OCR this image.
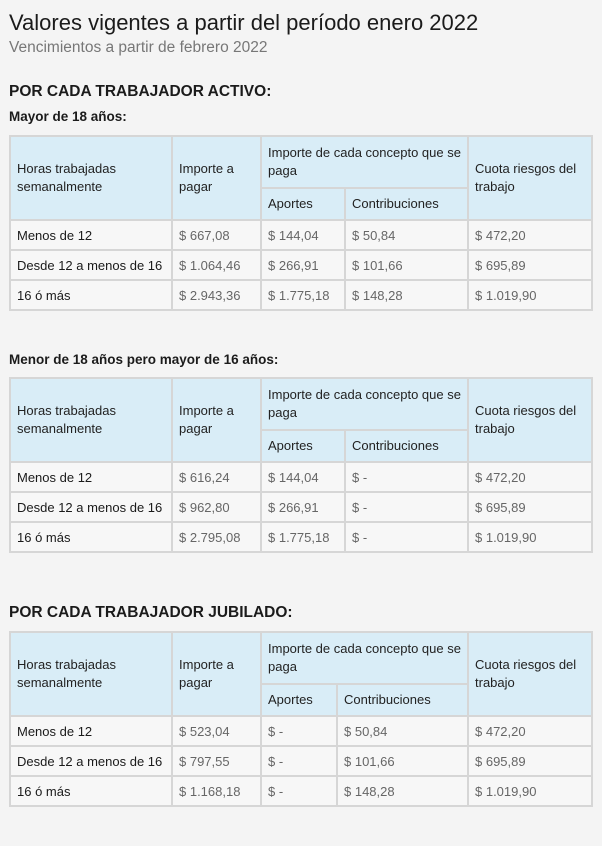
Valores vigentes a partir del período enero 2022
Vencimientos a partir de febrero 2022
POR CADA TRABAJADOR ACTIVO:
Mayor de 18 años:
Horas trabajadas semanalmente	Importe a pagar	Importe de cada concepto que se paga		Cuota riesgos del trabajo
		Aportes	Contribuciones	
Menos de 12	$ 667,08	$ 144,04	$ 50,84	$ 472,20
Desde 12 a menos de 16	$ 1.064,46	$ 266,91	$ 101,66	$ 695,89
16 ó más	$ 2.943,36	$ 1.775,18	$ 148,28	$ 1.019,90
Menor de 18 años pero mayor de 16 años:
Horas trabajadas semanalmente	Importe a pagar	Importe de cada concepto que se paga		Cuota riesgos del trabajo
		Aportes	Contribuciones	
Menos de 12	$ 616,24	$ 144,04	$ -	$ 472,20
Desde 12 a menos de 16	$ 962,80	$ 266,91	$ -	$ 695,89
16 ó más	$ 2.795,08	$ 1.775,18	$ -	$ 1.019,90
POR CADA TRABAJADOR JUBILADO:
Horas trabajadas semanalmente	Importe a pagar	Importe de cada concepto que se paga		Cuota riesgos del trabajo
		Aportes	Contribuciones	
Menos de 12	$ 523,04	$ -	$ 50,84	$ 472,20
Desde 12 a menos de 16	$ 797,55	$ -	$ 101,66	$ 695,89
16 ó más	$ 1.168,18	$ -	$ 148,28	$ 1.019,90
